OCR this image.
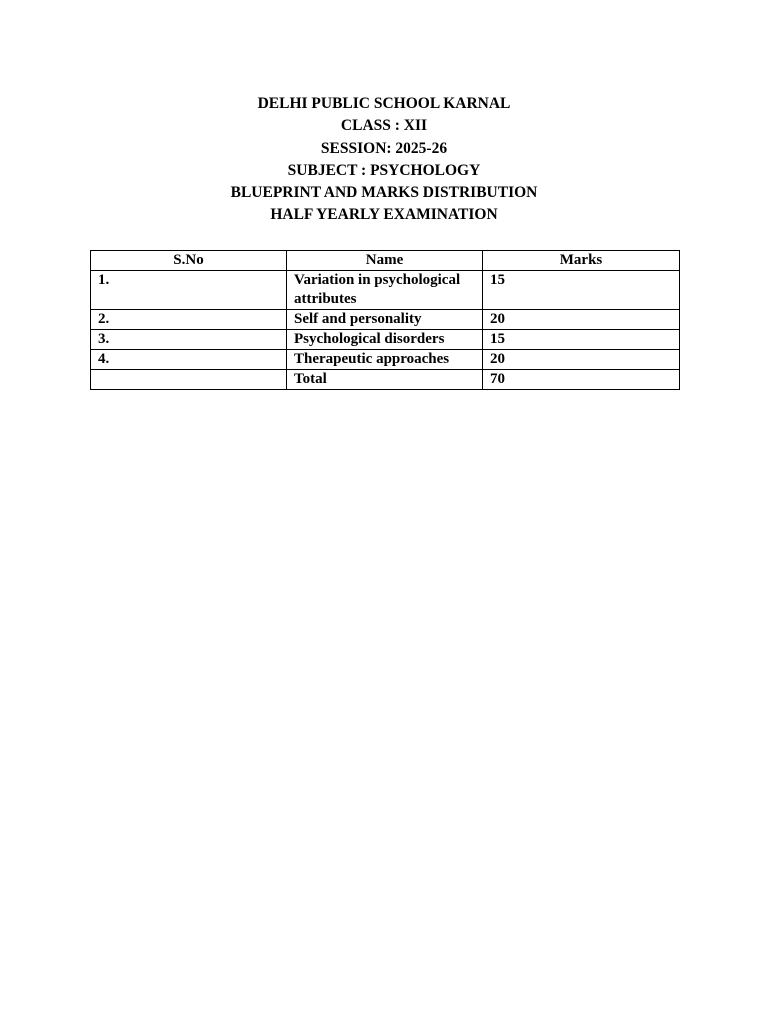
DELHI PUBLIC SCHOOL KARNAL
CLASS : XII
SESSION: 2025-26
SUBJECT : PSYCHOLOGY
BLUEPRINT AND MARKS DISTRIBUTION
HALF YEARLY EXAMINATION
S.No	Name	Marks
1.	Variation in psychological attributes	15
2.	Self and personality	20
3.	Psychological disorders	15
4.	Therapeutic approaches	20
	Total	70
